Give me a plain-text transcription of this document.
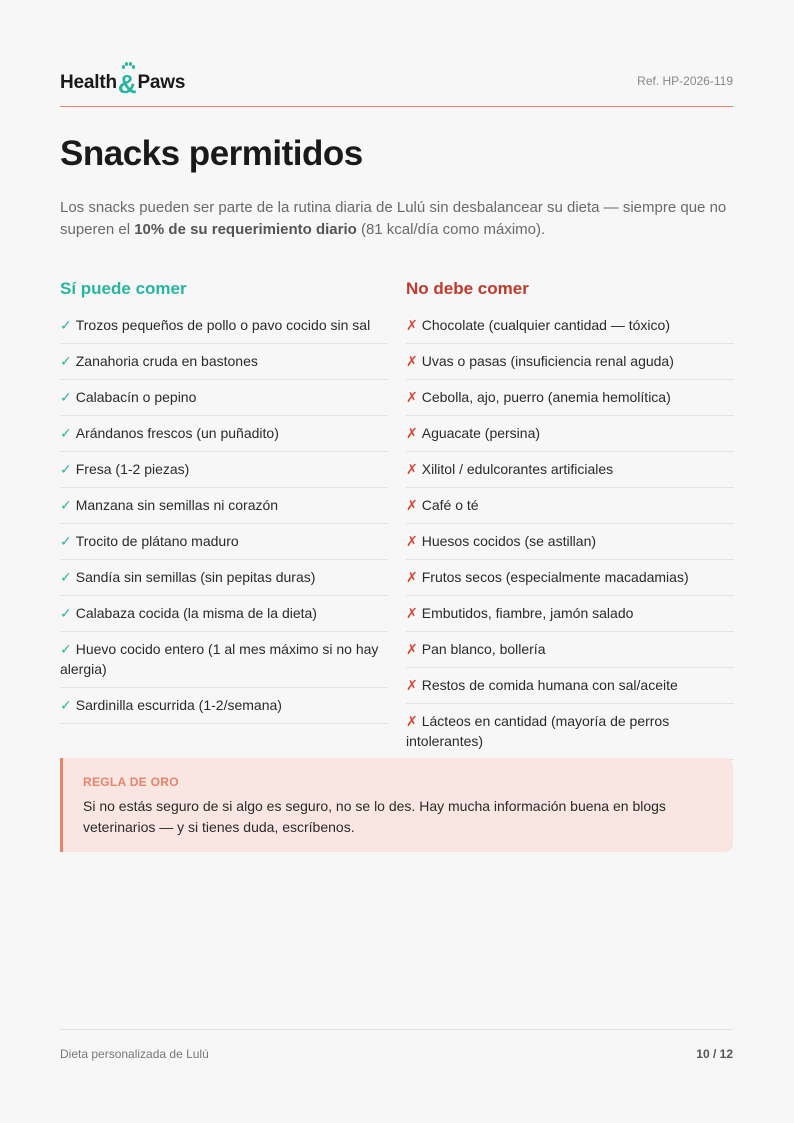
Health & Paws	Ref. HP-2026-119
Snacks permitidos
Los snacks pueden ser parte de la rutina diaria de Lulú sin desbalancear su dieta — siempre que no superen el 10% de su requerimiento diario (81 kcal/día como máximo).
Sí puede comer
✓ Trozos pequeños de pollo o pavo cocido sin sal
✓ Zanahoria cruda en bastones
✓ Calabacín o pepino
✓ Arándanos frescos (un puñadito)
✓ Fresa (1-2 piezas)
✓ Manzana sin semillas ni corazón
✓ Trocito de plátano maduro
✓ Sandía sin semillas (sin pepitas duras)
✓ Calabaza cocida (la misma de la dieta)
✓ Huevo cocido entero (1 al mes máximo si no hay alergia)
✓ Sardinilla escurrida (1-2/semana)
No debe comer
✗ Chocolate (cualquier cantidad — tóxico)
✗ Uvas o pasas (insuficiencia renal aguda)
✗ Cebolla, ajo, puerro (anemia hemolítica)
✗ Aguacate (persina)
✗ Xilitol / edulcorantes artificiales
✗ Café o té
✗ Huesos cocidos (se astillan)
✗ Frutos secos (especialmente macadamias)
✗ Embutidos, fiambre, jamón salado
✗ Pan blanco, bollería
✗ Restos de comida humana con sal/aceite
✗ Lácteos en cantidad (mayoría de perros intolerantes)
REGLA DE ORO
Si no estás seguro de si algo es seguro, no se lo des. Hay mucha información buena en blogs veterinarios — y si tienes duda, escríbenos.
Dieta personalizada de Lulú	10 / 12
